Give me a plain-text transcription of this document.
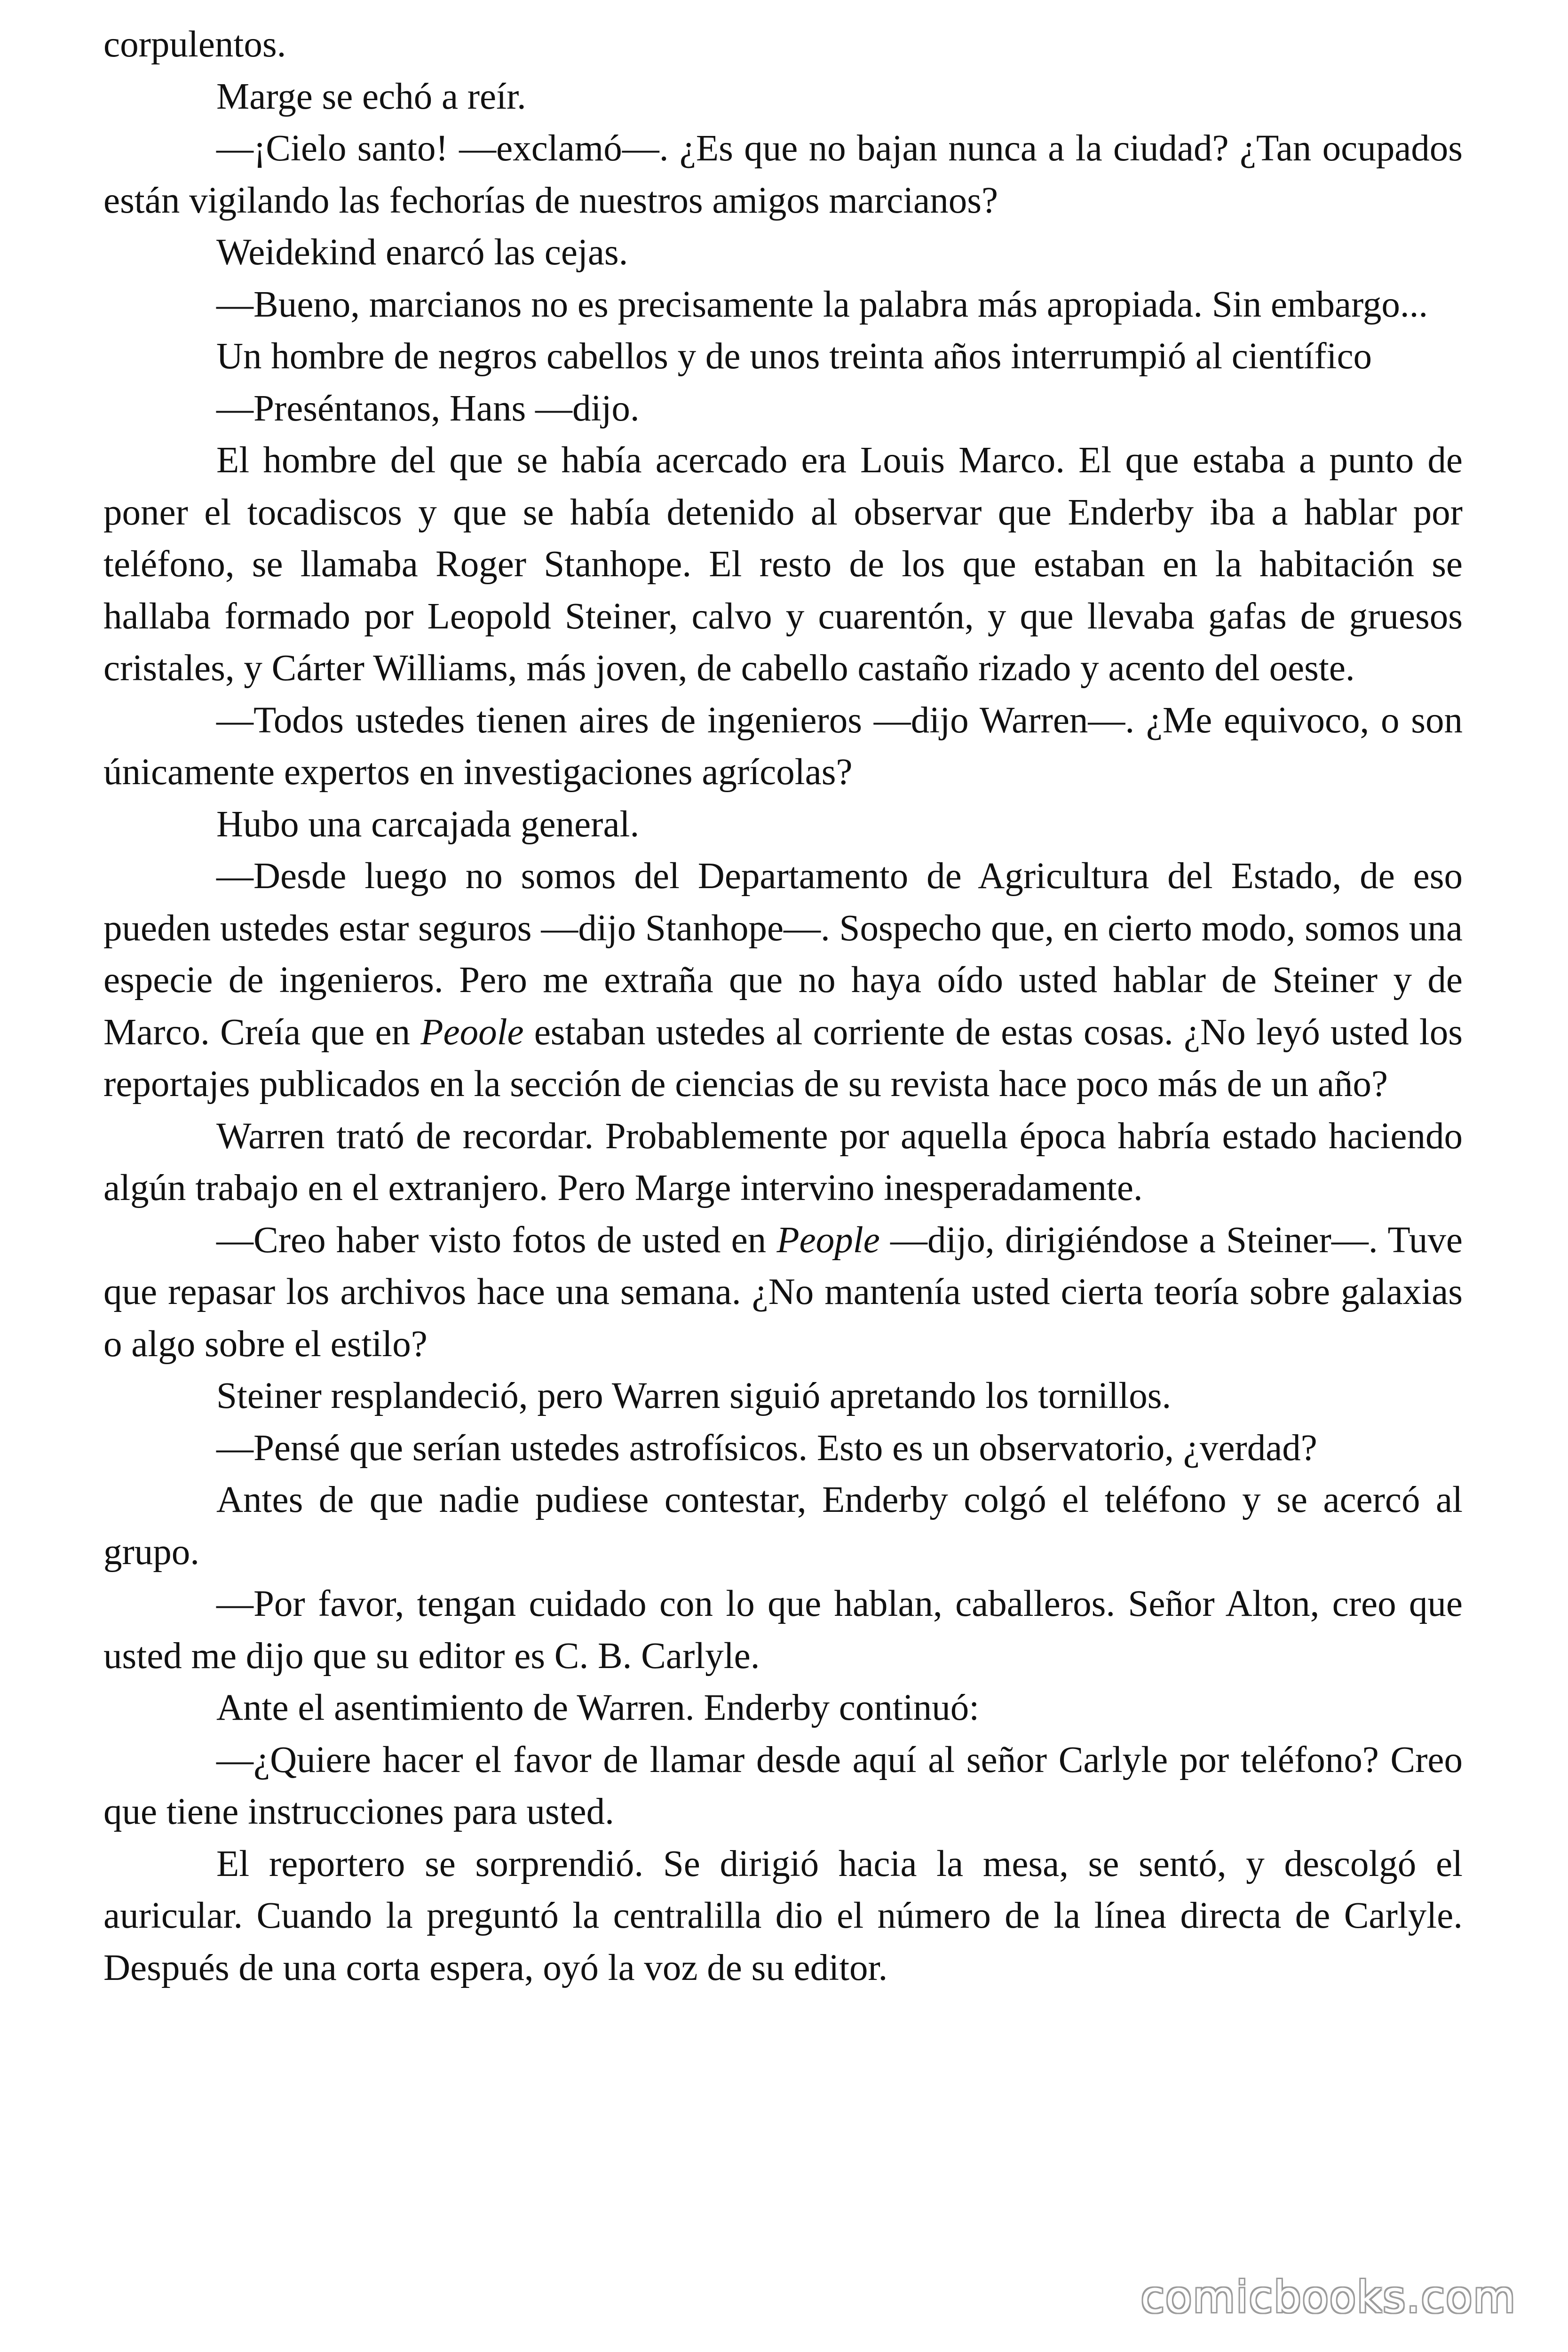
corpulentos.

Marge se echó a reír.

—¡Cielo santo! —exclamó—. ¿Es que no bajan nunca a la ciudad? ¿Tan ocupados están vigilando las fechorías de nuestros amigos marcianos?

Weidekind enarcó las cejas.

—Bueno, marcianos no es precisamente la palabra más apropiada. Sin embargo...

Un hombre de negros cabellos y de unos treinta años interrumpió al científico

—Preséntanos, Hans —dijo.

El hombre del que se había acercado era Louis Marco. El que estaba a punto de poner el tocadiscos y que se había detenido al observar que Enderby iba a hablar por teléfono, se llamaba Roger Stanhope. El resto de los que estaban en la habitación se hallaba formado por Leopold Steiner, calvo y cuarentón, y que llevaba gafas de gruesos cristales, y Cárter Williams, más joven, de cabello castaño rizado y acento del oeste.

—Todos ustedes tienen aires de ingenieros —dijo Warren—. ¿Me equivoco, o son únicamente expertos en investigaciones agrícolas?

Hubo una carcajada general.

—Desde luego no somos del Departamento de Agricultura del Estado, de eso pueden ustedes estar seguros —dijo Stanhope—. Sospecho que, en cierto modo, somos una especie de ingenieros. Pero me extraña que no haya oído usted hablar de Steiner y de Marco. Creía que en Peoole estaban ustedes al corriente de estas cosas. ¿No leyó usted los reportajes publicados en la sección de ciencias de su revista hace poco más de un año?

Warren trató de recordar. Probablemente por aquella época habría estado haciendo algún trabajo en el extranjero. Pero Marge intervino inesperadamente.

—Creo haber visto fotos de usted en People —dijo, dirigiéndose a Steiner—. Tuve que repasar los archivos hace una semana. ¿No mantenía usted cierta teoría sobre galaxias o algo sobre el estilo?

Steiner resplandeció, pero Warren siguió apretando los tornillos.

—Pensé que serían ustedes astrofísicos. Esto es un observatorio, ¿verdad?

Antes de que nadie pudiese contestar, Enderby colgó el teléfono y se acercó al grupo.

—Por favor, tengan cuidado con lo que hablan, caballeros. Señor Alton, creo que usted me dijo que su editor es C. B. Carlyle.

Ante el asentimiento de Warren. Enderby continuó:

—¿Quiere hacer el favor de llamar desde aquí al señor Carlyle por teléfono? Creo que tiene instrucciones para usted.

El reportero se sorprendió. Se dirigió hacia la mesa, se sentó, y descolgó el auricular. Cuando la preguntó la centralilla dio el número de la línea directa de Carlyle. Después de una corta espera, oyó la voz de su editor.

comicbooks.com
